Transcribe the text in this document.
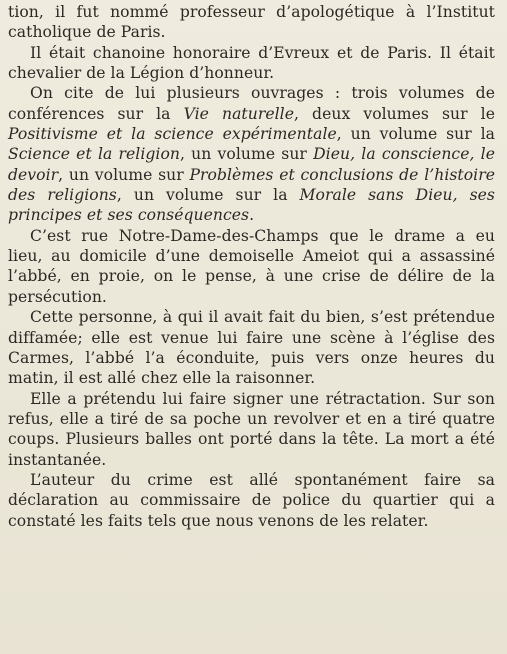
tion, il fut nommé professeur d’apologétique à l’Institut catholique de Paris.

Il était chanoine honoraire d’Evreux et de Paris. Il était chevalier de la Légion d’honneur.

On cite de lui plusieurs ouvrages : trois volumes de conférences sur la Vie naturelle, deux volumes sur le Positivisme et la science expérimentale, un volume sur la Science et la religion, un volume sur Dieu, la conscience, le devoir, un volume sur Problèmes et conclusions de l’histoire des religions, un volume sur la Morale sans Dieu, ses principes et ses conséquences.

C’est rue Notre-Dame-des-Champs que le drame a eu lieu, au domicile d’une demoiselle Ameiot qui a assassiné l’abbé, en proie, on le pense, à une crise de délire de la persécution.

Cette personne, à qui il avait fait du bien, s’est prétendue diffamée; elle est venue lui faire une scène à l’église des Carmes, l’abbé l’a éconduite, puis vers onze heures du matin, il est allé chez elle la raisonner.

Elle a prétendu lui faire signer une rétractation. Sur son refus, elle a tiré de sa poche un revolver et en a tiré quatre coups. Plusieurs balles ont porté dans la tête. La mort a été instantanée.

L’auteur du crime est allé spontanément faire sa déclaration au commissaire de police du quartier qui a constaté les faits tels que nous venons de les relater.
